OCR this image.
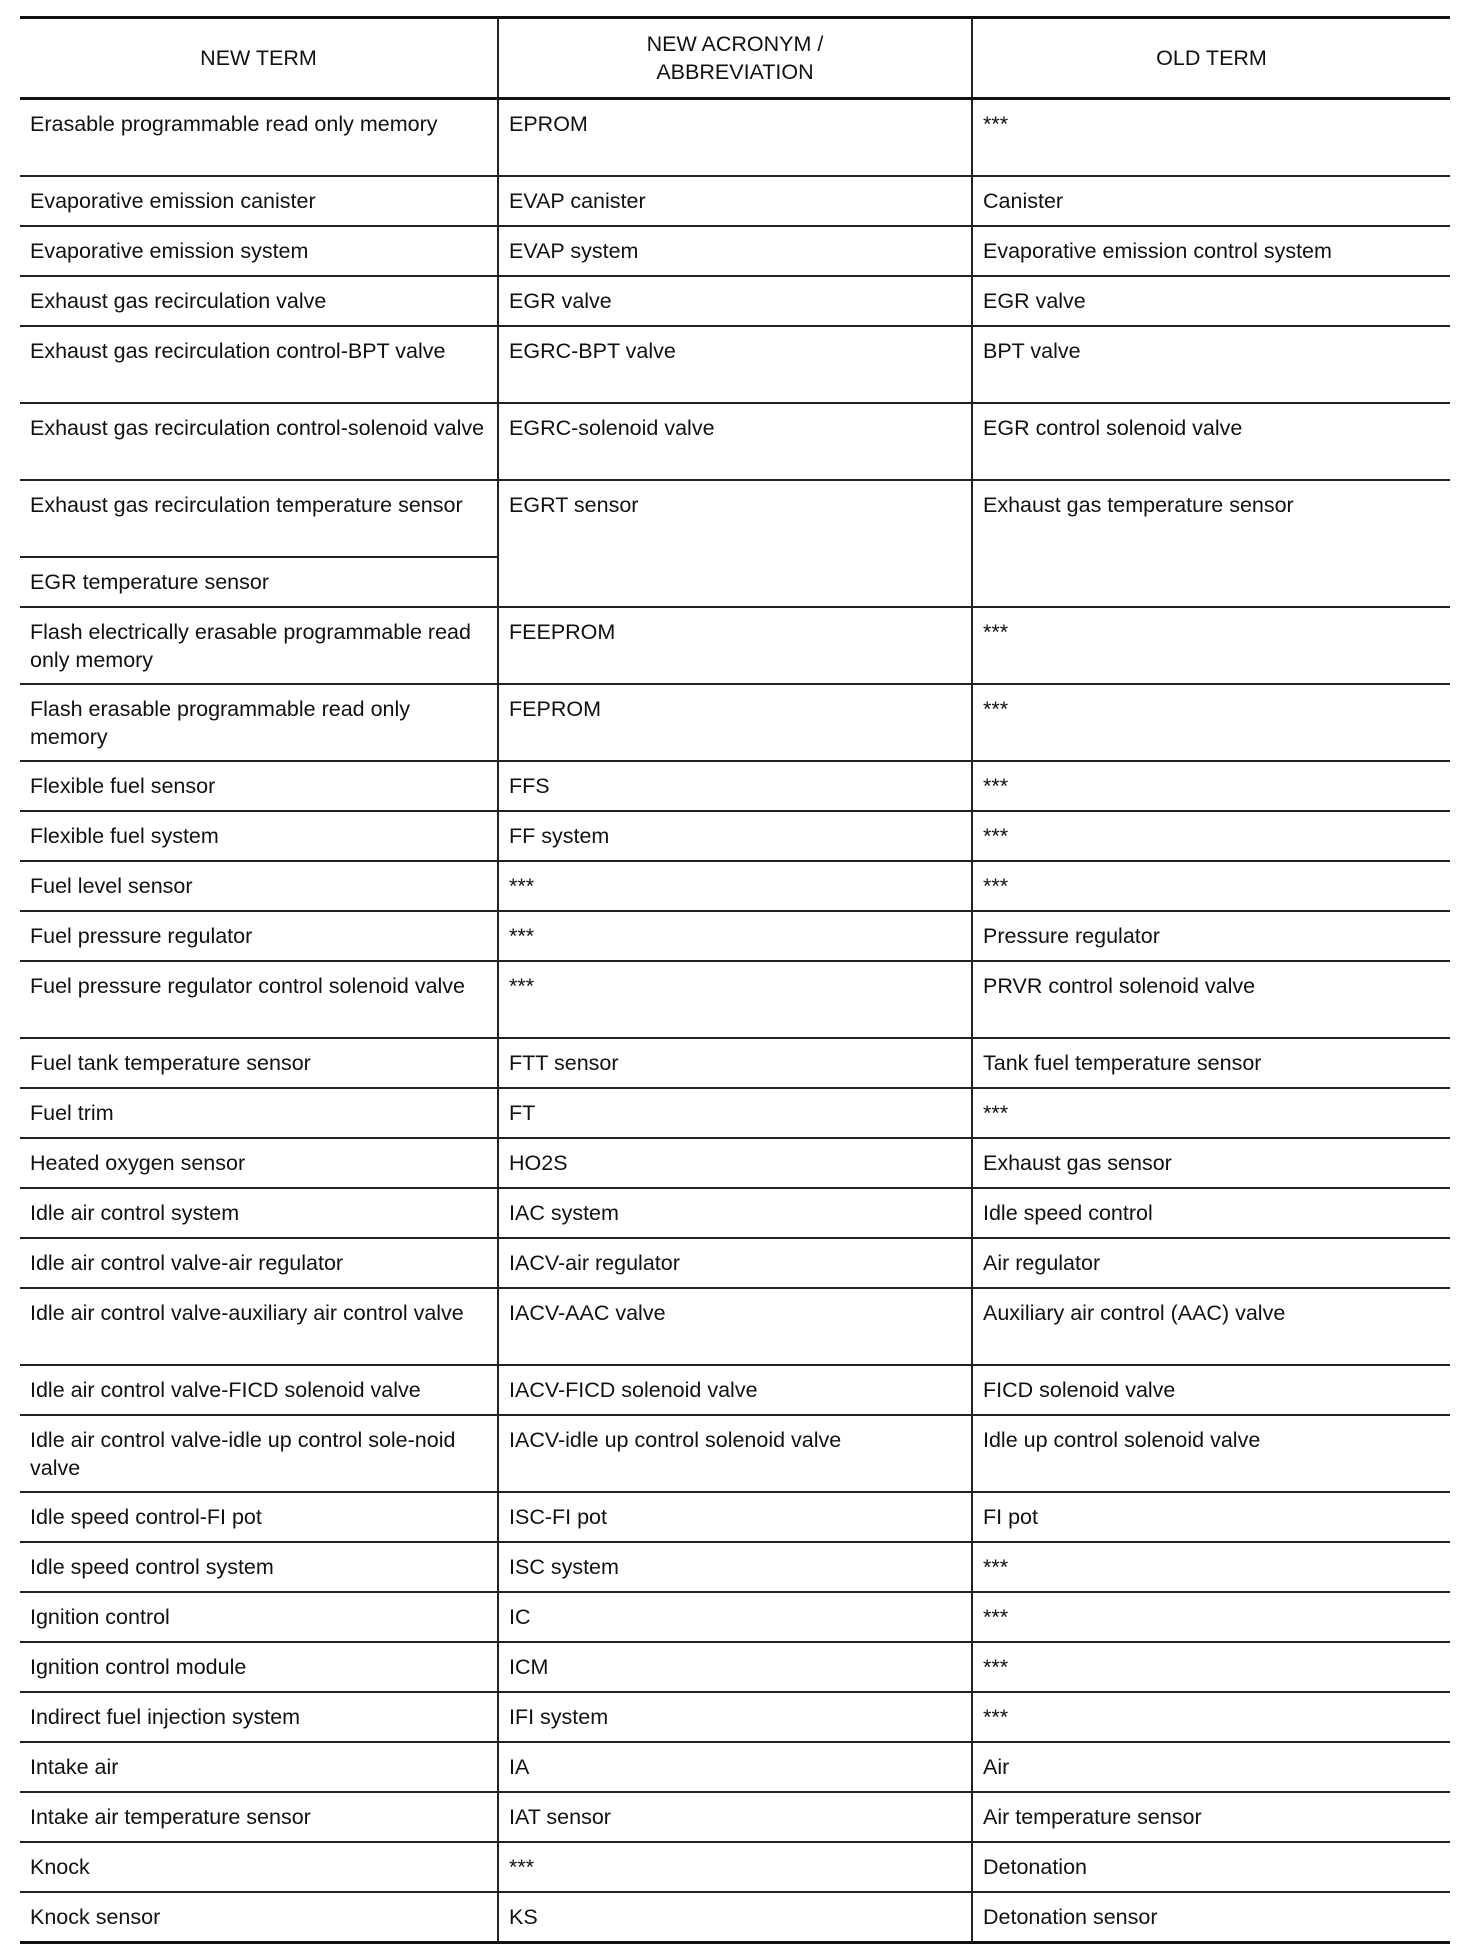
NEW TERM	NEW ACRONYM /
ABBREVIATION	OLD TERM
Erasable programmable read only memory	EPROM	***
Evaporative emission canister	EVAP canister	Canister
Evaporative emission system	EVAP system	Evaporative emission control system
Exhaust gas recirculation valve	EGR valve	EGR valve
Exhaust gas recirculation control-BPT valve	EGRC-BPT valve	BPT valve
Exhaust gas recirculation control-solenoid valve	EGRC-solenoid valve	EGR control solenoid valve
Exhaust gas recirculation temperature sensor	EGRT sensor	Exhaust gas temperature sensor
EGR temperature sensor		
Flash electrically erasable programmable read only memory	FEEPROM	***
Flash erasable programmable read only memory	FEPROM	***
Flexible fuel sensor	FFS	***
Flexible fuel system	FF system	***
Fuel level sensor	***	***
Fuel pressure regulator	***	Pressure regulator
Fuel pressure regulator control solenoid valve	***	PRVR control solenoid valve
Fuel tank temperature sensor	FTT sensor	Tank fuel temperature sensor
Fuel trim	FT	***
Heated oxygen sensor	HO2S	Exhaust gas sensor
Idle air control system	IAC system	Idle speed control
Idle air control valve-air regulator	IACV-air regulator	Air regulator
Idle air control valve-auxiliary air control valve	IACV-AAC valve	Auxiliary air control (AAC) valve
Idle air control valve-FICD solenoid valve	IACV-FICD solenoid valve	FICD solenoid valve
Idle air control valve-idle up control sole-noid valve	IACV-idle up control solenoid valve	Idle up control solenoid valve
Idle speed control-FI pot	ISC-FI pot	FI pot
Idle speed control system	ISC system	***
Ignition control	IC	***
Ignition control module	ICM	***
Indirect fuel injection system	IFI system	***
Intake air	IA	Air
Intake air temperature sensor	IAT sensor	Air temperature sensor
Knock	***	Detonation
Knock sensor	KS	Detonation sensor
